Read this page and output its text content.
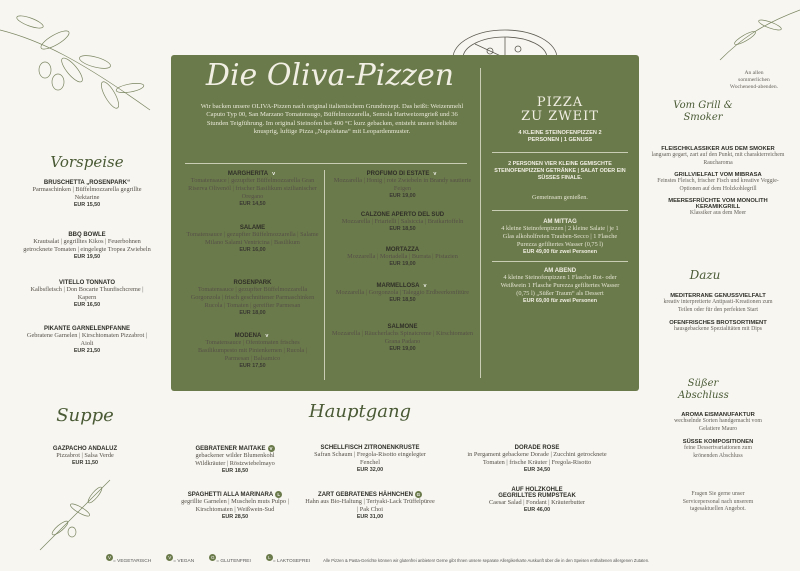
Die Oliva-Pizzen
Wir backen unsere OLIVA-Pizzen nach original italienischem Grundrezept. Das heißt: Weizenmehl Caputo Typ 00, San Marzano Tomatensugo, Büffelmozzarella, Semola Hartweizengrieß und 36 Stunden Teigführung. Im original Steinofen bei 400 °C kurz gebacken, entsteht unsere beliebte knusprig, luftige Pizza „Napoletana“ mit Leopardenmuster.
MARGHERITA V
Tomatensauce | gezupfter Büffelmozzarella Gran Riserva Olivenöl | frischer Basilikum sizilianischer Oregano
EUR 14,50
SALAME
Tomatensauce | gezupfter Büffelmozzarella | Salame Milano Salami Ventricina | Basilikum
EUR 16,00
ROSENPARK
Tomatensauce | gezupfter Büffelmozzarella Gorgonzola | frisch geschnittener Parmaschinken Rucola | Tomaten | gereifter Parmesan
EUR 18,00
MODENA V
Tomatensauce | Ofentomaten frisches Basilikumpesto mit Pinienkernen | Rucola | Parmesan | Balsamico
EUR 17,50
PROFUMO DI ESTATE V
Mozzarella | Honig | rote Zwiebeln in Brandy sautierte Feigen
EUR 19,00
CALZONE APERTO DEL SUD
Mozzarella | Friarielli | Salsiccia | Bratkartoffeln
EUR 18,50
MORTAZZA
Mozzarella | Mortadella | Burrata | Pistazien
EUR 19,00
MARMELLOSA V
Mozzarella | Gorgonzola | Taleggio Erdbeerkonfitüre
EUR 18,50
SALMONE
Mozzarella | Räucherlachs Spinatcreme | Kirschtomaten Grana Padano
EUR 19,00
PIZZA
ZU ZWEIT
4 KLEINE STEINOFENPIZZEN 2 PERSONEN | 1 GENUSS
2 PERSONEN VIER KLEINE GEMISCHTE STEINOFENPIZZEN GETRÄNKE | SALAT ODER EIN SÜSSES FINALE.
Gemeinsam genießen.
AM MITTAG
4 kleine Steinofenpizzen | 2 kleine Salate | je 1 Glas alkoholfreien Trauben-Secco | 1 Flasche Purezza gefiltertes Wasser (0,75 l)
EUR 49,00 für zwei Personen
AM ABEND
4 kleine Steinofenpizzen 1 Flasche Rot- oder Weißwein 1 Flasche Purezza gefiltertes Wasser (0,75 l) „Süßer Traum“ als Dessert
EUR 69,00 für zwei Personen
Vorspeise
BRUSCHETTA „ROSENPARK“
Parmaschinken | Büffelmozzarella gegrillte Nektarine
EUR 15,50
BBQ BOWLE
Krautsalat | gegrilltes Kikos | Feuerbohnen getrocknete Tomaten | eingelegte Tropea Zwiebeln
EUR 19,50
VITELLO TONNATO
Kalbsfleisch | Don Bocarte Thunfischcreme | Kapern
EUR 16,50
PIKANTE GARNELENPFANNE
Gebratene Garnelen | Kirschtomaten Pizzabrot | Aioli
EUR 21,50
Suppe
GAZPACHO ANDALUZ
Pizzabrot | Salsa Verde
EUR 11,50
Hauptgang
GEBRATENER MAITAKE V
gebackener wilder Blumenkohl Wildkräuter | Röstzwiebelmayo
EUR 18,50
SPAGHETTI ALLA MARINARA L
gegrillte Garnelen | Muscheln muts Pulpo | Kirschtomaten | Weißwein-Sud
EUR 28,50
SCHELLFISCH ZITRONENKRUSTE
Safran Schaum | Fregola-Risotto eingelegter Fenchel
EUR 32,00
ZART GEBRATENES HÄHNCHEN G
Hahn aus Bio-Haltung | Teriyaki-Lack Trüffelpüree | Pak Choi
EUR 31,00
DORADE ROSE
in Pergament gebackene Dorade | Zucchini getrocknete Tomaten | frische Kräuter | Fregola-Risotto
EUR 34,50
AUF HOLZKOHLE GEGRILLTES RUMPSTEAK
Caesar Salad | Fondant | Kräuterbutter
EUR 46,00
An allen sommerlichen Wochenend-abenden.
Vom Grill & Smoker
FLEISCHKLASSIKER AUS DEM SMOKER
langsam gegart, zart auf den Punkt, mit charakterreichem Raucharoma
GRILLVIELFALT VOM MIBRASA
Feinstes Fleisch, frischer Fisch und kreative Veggie-Optionen auf dem Holzkohlegrill
MEERESFRÜCHTE VOM MONOLITH KERAMIKGRILL
Klassiker aus dem Meer
Dazu
MEDITERRANE GENUSSVIELFALT
kreativ interpretierte Antipasti-Kreationen zum Teilen oder für den perfekten Start
OFENFRISCHES BROTSORTIMENT
hausgebackene Spezialitäten mit Dips
Süßer Abschluss
AROMA EISMANUFAKTUR
wechselnde Sorten handgemacht vom Gelatiere Mauro
SÜSSE KOMPOSITIONEN
feine Dessertvariationen zum krönenden Abschluss
Fragen Sie gerne unser Servicepersonal nach unserem tagesaktuellen Angebot.
V= VEGETARISCH V= VEGAN G= GLUTENFREI L= LAKTOSEFREI	Alle Pizzen & Pasta-Gerichte können wir glutenfrei anbieten! Gerne gibt Ihnen unsere separate Allergikerkarte Auskunft über die in den Speisen enthaltenen allergenen Zutaten.
